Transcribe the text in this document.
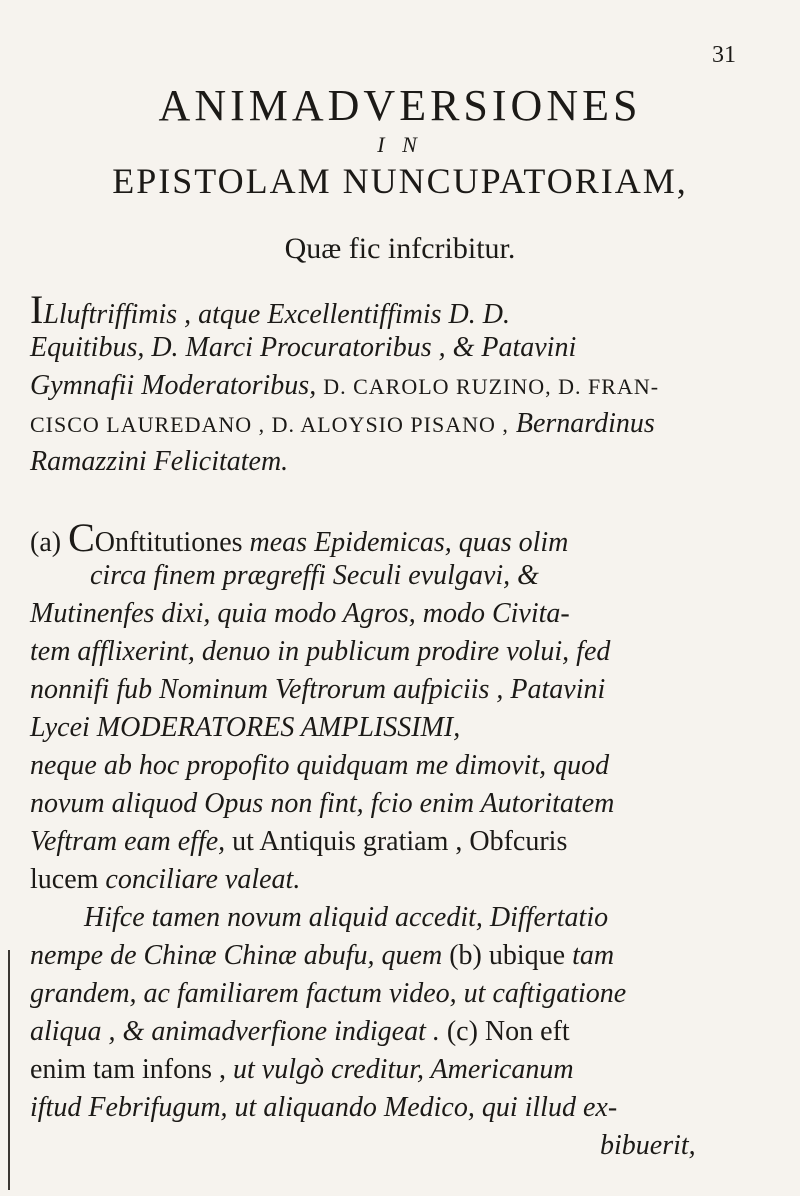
31
ANIMADVERSIONES
I N
EPISTOLAM NUNCUPATORIAM,
Quæ fic infcribitur.
ILluftriffimis , atque Excellentiffimis D. D.
Equitibus, D. Marci Procuratoribus , & Patavini
Gymnafii Moderatoribus, D. CAROLO RUZINO, D. FRAN-
CISCO LAUREDANO , D. ALOYSIO PISANO , Bernardinus
Ramazzini Felicitatem.
(a) COnftitutiones meas Epidemicas, quas olim
circa finem prægreffi Seculi evulgavi, &
Mutinenfes dixi, quia modo Agros, modo Civita-
tem afflixerint, denuo in publicum prodire volui, fed
nonnifi fub Nominum Veftrorum aufpiciis , Patavini
Lycei MODERATORES AMPLISSIMI,
neque ab hoc propofito quidquam me dimovit, quod
novum aliquod Opus non fint, fcio enim Autoritatem
Veftram eam effe, ut Antiquis gratiam , Obfcuris
lucem conciliare valeat.
Hifce tamen novum aliquid accedit, Differtatio
nempe de Chinæ Chinæ abufu, quem (b) ubique tam
grandem, ac familiarem factum video, ut caftigatione
aliqua , & animadverfione indigeat . (c) Non eft
enim tam infons , ut vulgò creditur, Americanum
iftud Febrifugum, ut aliquando Medico, qui illud ex-
bibuerit,
